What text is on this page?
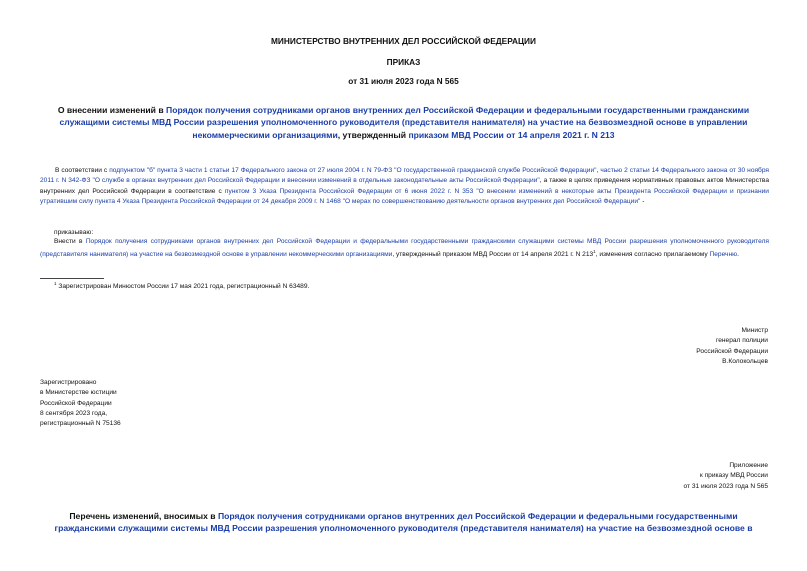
МИНИСТЕРСТВО ВНУТРЕННИХ ДЕЛ РОССИЙСКОЙ ФЕДЕРАЦИИ
ПРИКАЗ
от 31 июля 2023 года N 565
О внесении изменений в Порядок получения сотрудниками органов внутренних дел Российской Федерации и федеральными государственными гражданскими служащими системы МВД России разрешения уполномоченного руководителя (представителя нанимателя) на участие на безвозмездной основе в управлении некоммерческими организациями, утвержденный приказом МВД России от 14 апреля 2021 г. N 213
В соответствии с подпунктом "б" пункта 3 части 1 статьи 17 Федерального закона от 27 июля 2004 г. N 79-ФЗ "О государственной гражданской службе Российской Федерации", частью 2 статьи 14 Федерального закона от 30 ноября 2011 г. N 342-ФЗ "О службе в органах внутренних дел Российской Федерации и внесении изменений в отдельные законодательные акты Российской Федерации", а также в целях приведения нормативных правовых актов Министерства внутренних дел Российской Федерации в соответствие с пунктом 3 Указа Президента Российской Федерации от 6 июня 2022 г. N 353 "О внесении изменений в некоторые акты Президента Российской Федерации и признании утратившим силу пункта 4 Указа Президента Российской Федерации от 24 декабря 2009 г. N 1468 "О мерах по совершенствованию деятельности органов внутренних дел Российской Федерации" -
приказываю:
Внести в Порядок получения сотрудниками органов внутренних дел Российской Федерации и федеральными государственными гражданскими служащими системы МВД России разрешения уполномоченного руководителя (представителя нанимателя) на участие на безвозмездной основе в управлении некоммерческими организациями, утвержденный приказом МВД России от 14 апреля 2021 г. N $213^1$, изменения согласно прилагаемому Перечню.
$^1$ Зарегистрирован Минюстом России 17 мая 2021 года, регистрационный N 63489.
Министр
генерал полиции
Российской Федерации
В.Колокольцев
Зарегистрировано
в Министерстве юстиции
Российской Федерации
8 сентября 2023 года,
регистрационный N 75136
Приложение
к приказу МВД России
от 31 июля 2023 года N 565
Перечень изменений, вносимых в Порядок получения сотрудниками органов внутренних дел Российской Федерации и федеральными государственными гражданскими служащими системы МВД России разрешения уполномоченного руководителя (представителя нанимателя) на участие на безвозмездной основе в
